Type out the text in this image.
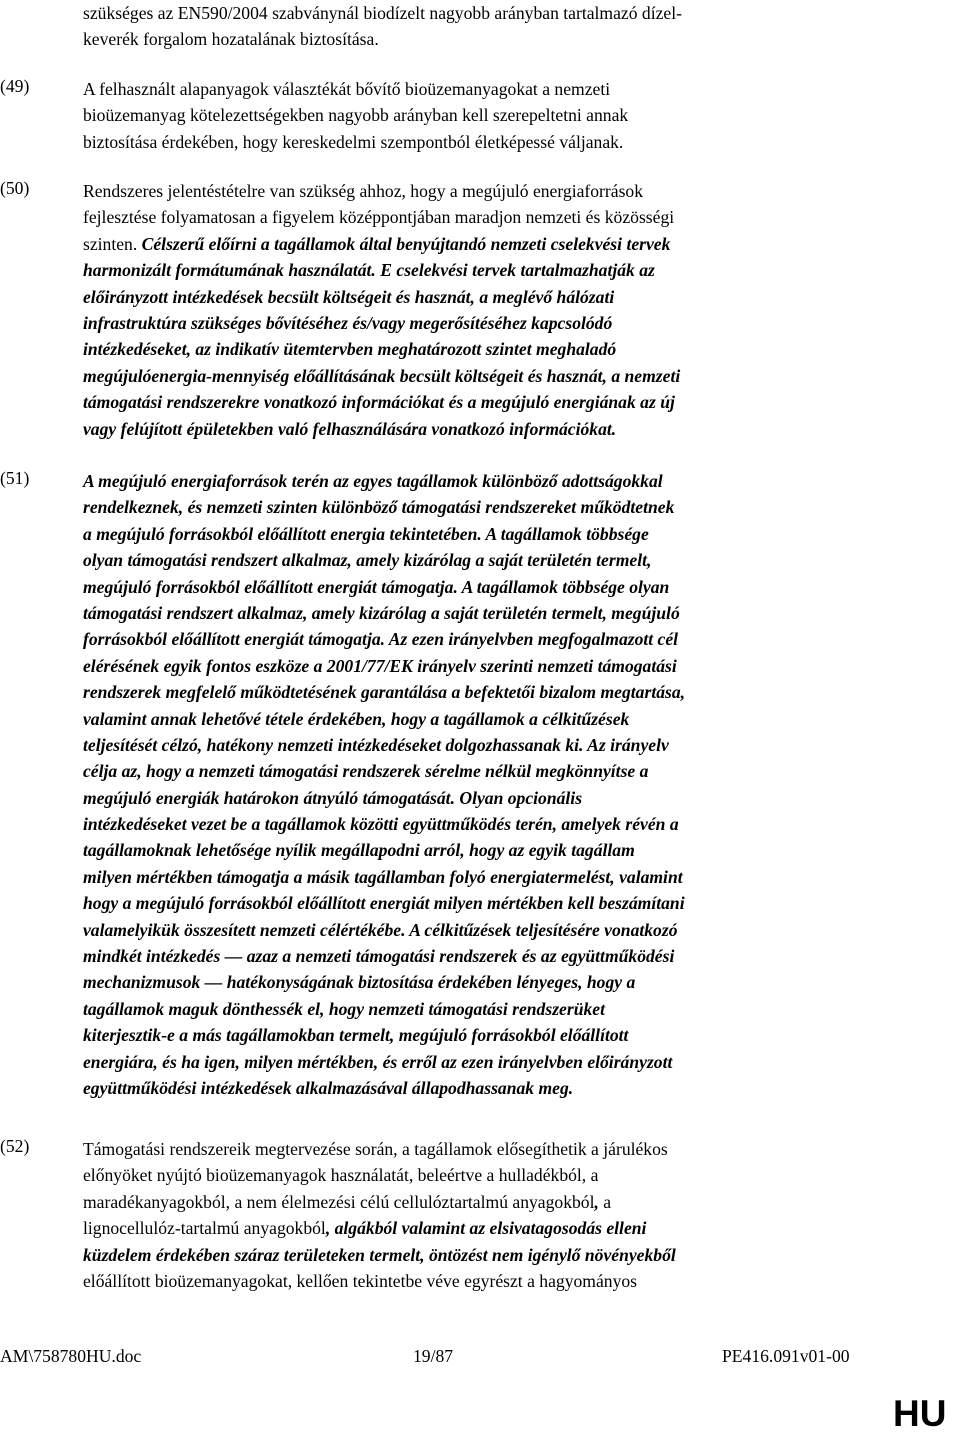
AM\758780HU.doc	19/87	PE416.091v01-00
HU
szükséges az EN590/2004 szabványnál biodízelt nagyobb arányban tartalmazó dízel-
keverék forgalom hozatalának biztosítása.
(49)	A felhasznált alapanyagok választékát bővítő bioüzemanyagokat a nemzeti
bioüzemanyag kötelezettségekben nagyobb arányban kell szerepeltetni annak
biztosítása érdekében, hogy kereskedelmi szempontból életképessé váljanak.
(50)	Rendszeres jelentéstételre van szükség ahhoz, hogy a megújuló energiaforrások
fejlesztése folyamatosan a figyelem középpontjában maradjon nemzeti és közösségi
szinten. Célszerű előírni a tagállamok által benyújtandó nemzeti cselekvési tervek
harmonizált formátumának használatát. E cselekvési tervek tartalmazhatják az
előirányzott intézkedések becsült költségeit és hasznát, a meglévő hálózati
infrastruktúra szükséges bővítéséhez és/vagy megerősítéséhez kapcsolódó
intézkedéseket, az indikatív ütemtervben meghatározott szintet meghaladó
megújulóenergia-mennyiség előállításának becsült költségeit és hasznát, a nemzeti
támogatási rendszerekre vonatkozó információkat és a megújuló energiának az új
vagy felújított épületekben való felhasználására vonatkozó információkat.
(51)	A megújuló energiaforrások terén az egyes tagállamok különböző adottságokkal
rendelkeznek, és nemzeti szinten különböző támogatási rendszereket működtetnek
a megújuló forrásokból előállított energia tekintetében. A tagállamok többsége
olyan támogatási rendszert alkalmaz, amely kizárólag a saját területén termelt,
megújuló forrásokból előállított energiát támogatja. A tagállamok többsége olyan
támogatási rendszert alkalmaz, amely kizárólag a saját területén termelt, megújuló
forrásokból előállított energiát támogatja. Az ezen irányelvben megfogalmazott cél
elérésének egyik fontos eszköze a 2001/77/EK irányelv szerinti nemzeti támogatási
rendszerek megfelelő működtetésének garantálása a befektetői bizalom megtartása,
valamint annak lehetővé tétele érdekében, hogy a tagállamok a célkitűzések
teljesítését célzó, hatékony nemzeti intézkedéseket dolgozhassanak ki. Az irányelv
célja az, hogy a nemzeti támogatási rendszerek sérelme nélkül megkönnyítse a
megújuló energiák határokon átnyúló támogatását. Olyan opcionális
intézkedéseket vezet be a tagállamok közötti együttműködés terén, amelyek révén a
tagállamoknak lehetősége nyílik megállapodni arról, hogy az egyik tagállam
milyen mértékben támogatja a másik tagállamban folyó energiatermelést, valamint
hogy a megújuló forrásokból előállított energiát milyen mértékben kell beszámítani
valamelyikük összesített nemzeti célértékébe. A célkitűzések teljesítésére vonatkozó
mindkét intézkedés — azaz a nemzeti támogatási rendszerek és az együttműködési
mechanizmusok — hatékonyságának biztosítása érdekében lényeges, hogy a
tagállamok maguk dönthessék el, hogy nemzeti támogatási rendszerüket
kiterjesztik-e a más tagállamokban termelt, megújuló forrásokból előállított
energiára, és ha igen, milyen mértékben, és erről az ezen irányelvben előirányzott
együttműködési intézkedések alkalmazásával állapodhassanak meg.
(52)	Támogatási rendszereik megtervezése során, a tagállamok elősegíthetik a járulékos
előnyöket nyújtó bioüzemanyagok használatát, beleértve a hulladékból, a
maradékanyagokból, a nem élelmezési célú cellulóztartalmú anyagokból, a
lignocellulóz-tartalmú anyagokból, algákból valamint az elsivatagosodás elleni
küzdelem érdekében száraz területeken termelt, öntözést nem igénylő növényekből
előállított bioüzemanyagokat, kellően tekintetbe véve egyrészt a hagyományos
